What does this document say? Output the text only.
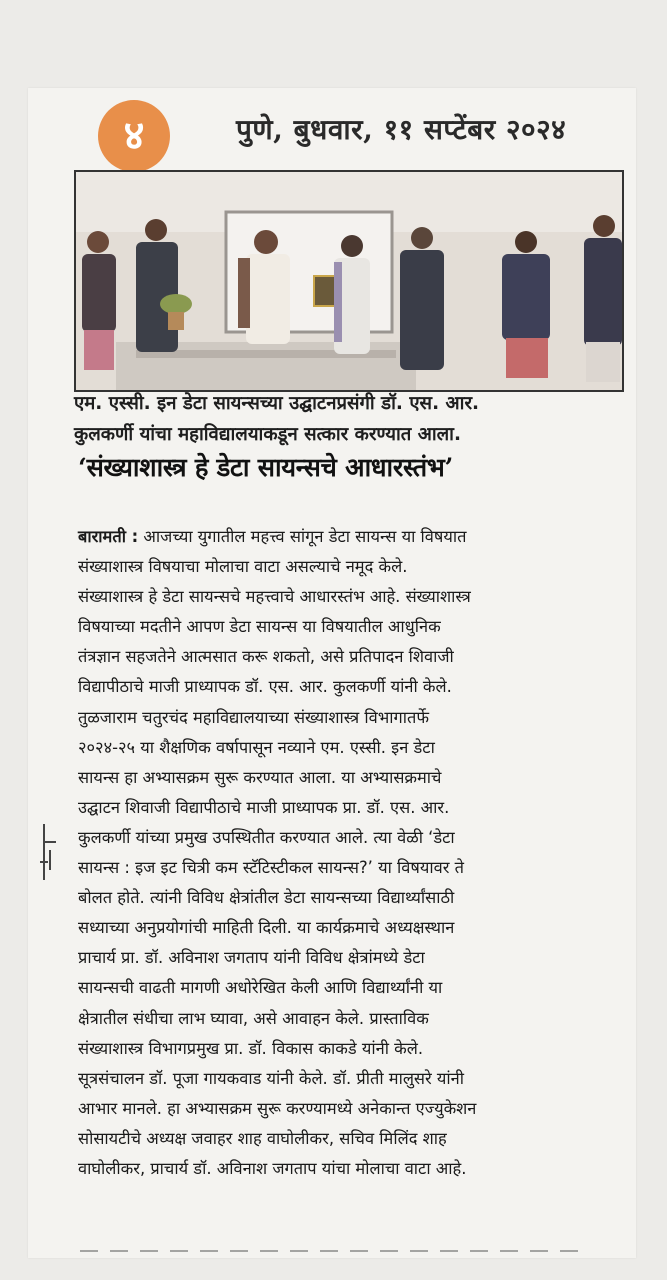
४	पुणे, बुधवार, ११ सप्टेंबर २०२४
एम. एस्सी. इन डेटा सायन्सच्या उद्घाटनप्रसंगी डॉ. एस. आर.
कुलकर्णी यांचा महाविद्यालयाकडून सत्कार करण्यात आला.
‘संख्याशास्त्र हे डेटा सायन्सचे आधारस्तंभ’
बारामती : आजच्या युगातील महत्त्व सांगून डेटा सायन्स या विषयात
संख्याशास्त्र विषयाचा मोलाचा वाटा असल्याचे नमूद केले.
संख्याशास्त्र हे डेटा सायन्सचे महत्त्वाचे आधारस्तंभ आहे. संख्याशास्त्र
विषयाच्या मदतीने आपण डेटा सायन्स या विषयातील आधुनिक
तंत्रज्ञान सहजतेने आत्मसात करू शकतो, असे प्रतिपादन शिवाजी
विद्यापीठाचे माजी प्राध्यापक डॉ. एस. आर. कुलकर्णी यांनी केले.
तुळजाराम चतुरचंद महाविद्यालयाच्या संख्याशास्त्र विभागातर्फे
२०२४-२५ या शैक्षणिक वर्षापासून नव्याने एम. एस्सी. इन डेटा
सायन्स हा अभ्यासक्रम सुरू करण्यात आला. या अभ्यासक्रमाचे
उद्घाटन शिवाजी विद्यापीठाचे माजी प्राध्यापक प्रा. डॉ. एस. आर.
कुलकर्णी यांच्या प्रमुख उपस्थितीत करण्यात आले. त्या वेळी ‘डेटा
सायन्स : इज इट चित्री कम स्टॅटिस्टीकल सायन्स?’ या विषयावर ते
बोलत होते. त्यांनी विविध क्षेत्रांतील डेटा सायन्सच्या विद्यार्थ्यांसाठी
सध्याच्या अनुप्रयोगांची माहिती दिली. या कार्यक्रमाचे अध्यक्षस्थान
प्राचार्य प्रा. डॉ. अविनाश जगताप यांनी विविध क्षेत्रांमध्ये डेटा
सायन्सची वाढती मागणी अधोरेखित केली आणि विद्यार्थ्यांनी या
क्षेत्रातील संधीचा लाभ घ्यावा, असे आवाहन केले. प्रास्ताविक
संख्याशास्त्र विभागप्रमुख प्रा. डॉ. विकास काकडे यांनी केले.
सूत्रसंचालन डॉ. पूजा गायकवाड यांनी केले. डॉ. प्रीती मालुसरे यांनी
आभार मानले. हा अभ्यासक्रम सुरू करण्यामध्ये अनेकान्त एज्युकेशन
सोसायटीचे अध्यक्ष जवाहर शाह वाघोलीकर, सचिव मिलिंद शाह
वाघोलीकर, प्राचार्य डॉ. अविनाश जगताप यांचा मोलाचा वाटा आहे.
